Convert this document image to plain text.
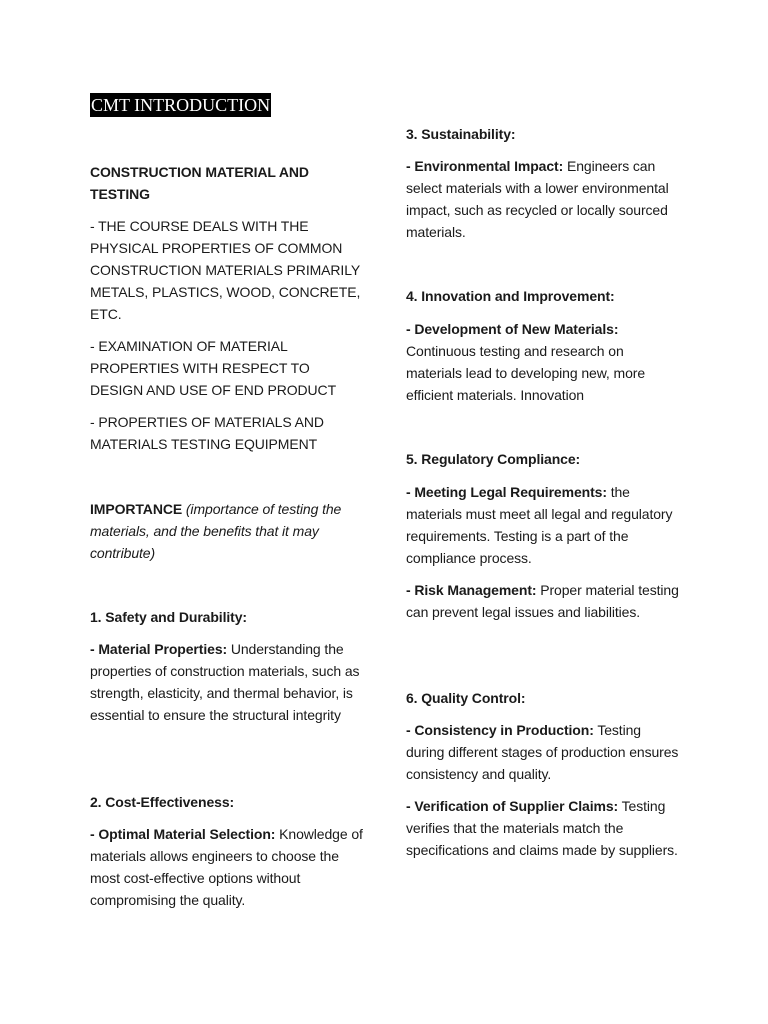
CMT INTRODUCTION

CONSTRUCTION MATERIAL AND TESTING

- THE COURSE DEALS WITH THE PHYSICAL PROPERTIES OF COMMON CONSTRUCTION MATERIALS PRIMARILY METALS, PLASTICS, WOOD, CONCRETE, ETC.

- EXAMINATION OF MATERIAL PROPERTIES WITH RESPECT TO DESIGN AND USE OF END PRODUCT

- PROPERTIES OF MATERIALS AND MATERIALS TESTING EQUIPMENT

IMPORTANCE (importance of testing the materials, and the benefits that it may contribute)

1. Safety and Durability:

- Material Properties: Understanding the properties of construction materials, such as strength, elasticity, and thermal behavior, is essential to ensure the structural integrity

2. Cost-Effectiveness:

- Optimal Material Selection: Knowledge of materials allows engineers to choose the most cost-effective options without compromising the quality.

3. Sustainability:

- Environmental Impact: Engineers can select materials with a lower environmental impact, such as recycled or locally sourced materials.

4. Innovation and Improvement:

- Development of New Materials: Continuous testing and research on materials lead to developing new, more efficient materials. Innovation

5. Regulatory Compliance:

- Meeting Legal Requirements: the materials must meet all legal and regulatory requirements. Testing is a part of the compliance process.

- Risk Management: Proper material testing can prevent legal issues and liabilities.

6. Quality Control:

- Consistency in Production: Testing during different stages of production ensures consistency and quality.

- Verification of Supplier Claims: Testing verifies that the materials match the specifications and claims made by suppliers.
